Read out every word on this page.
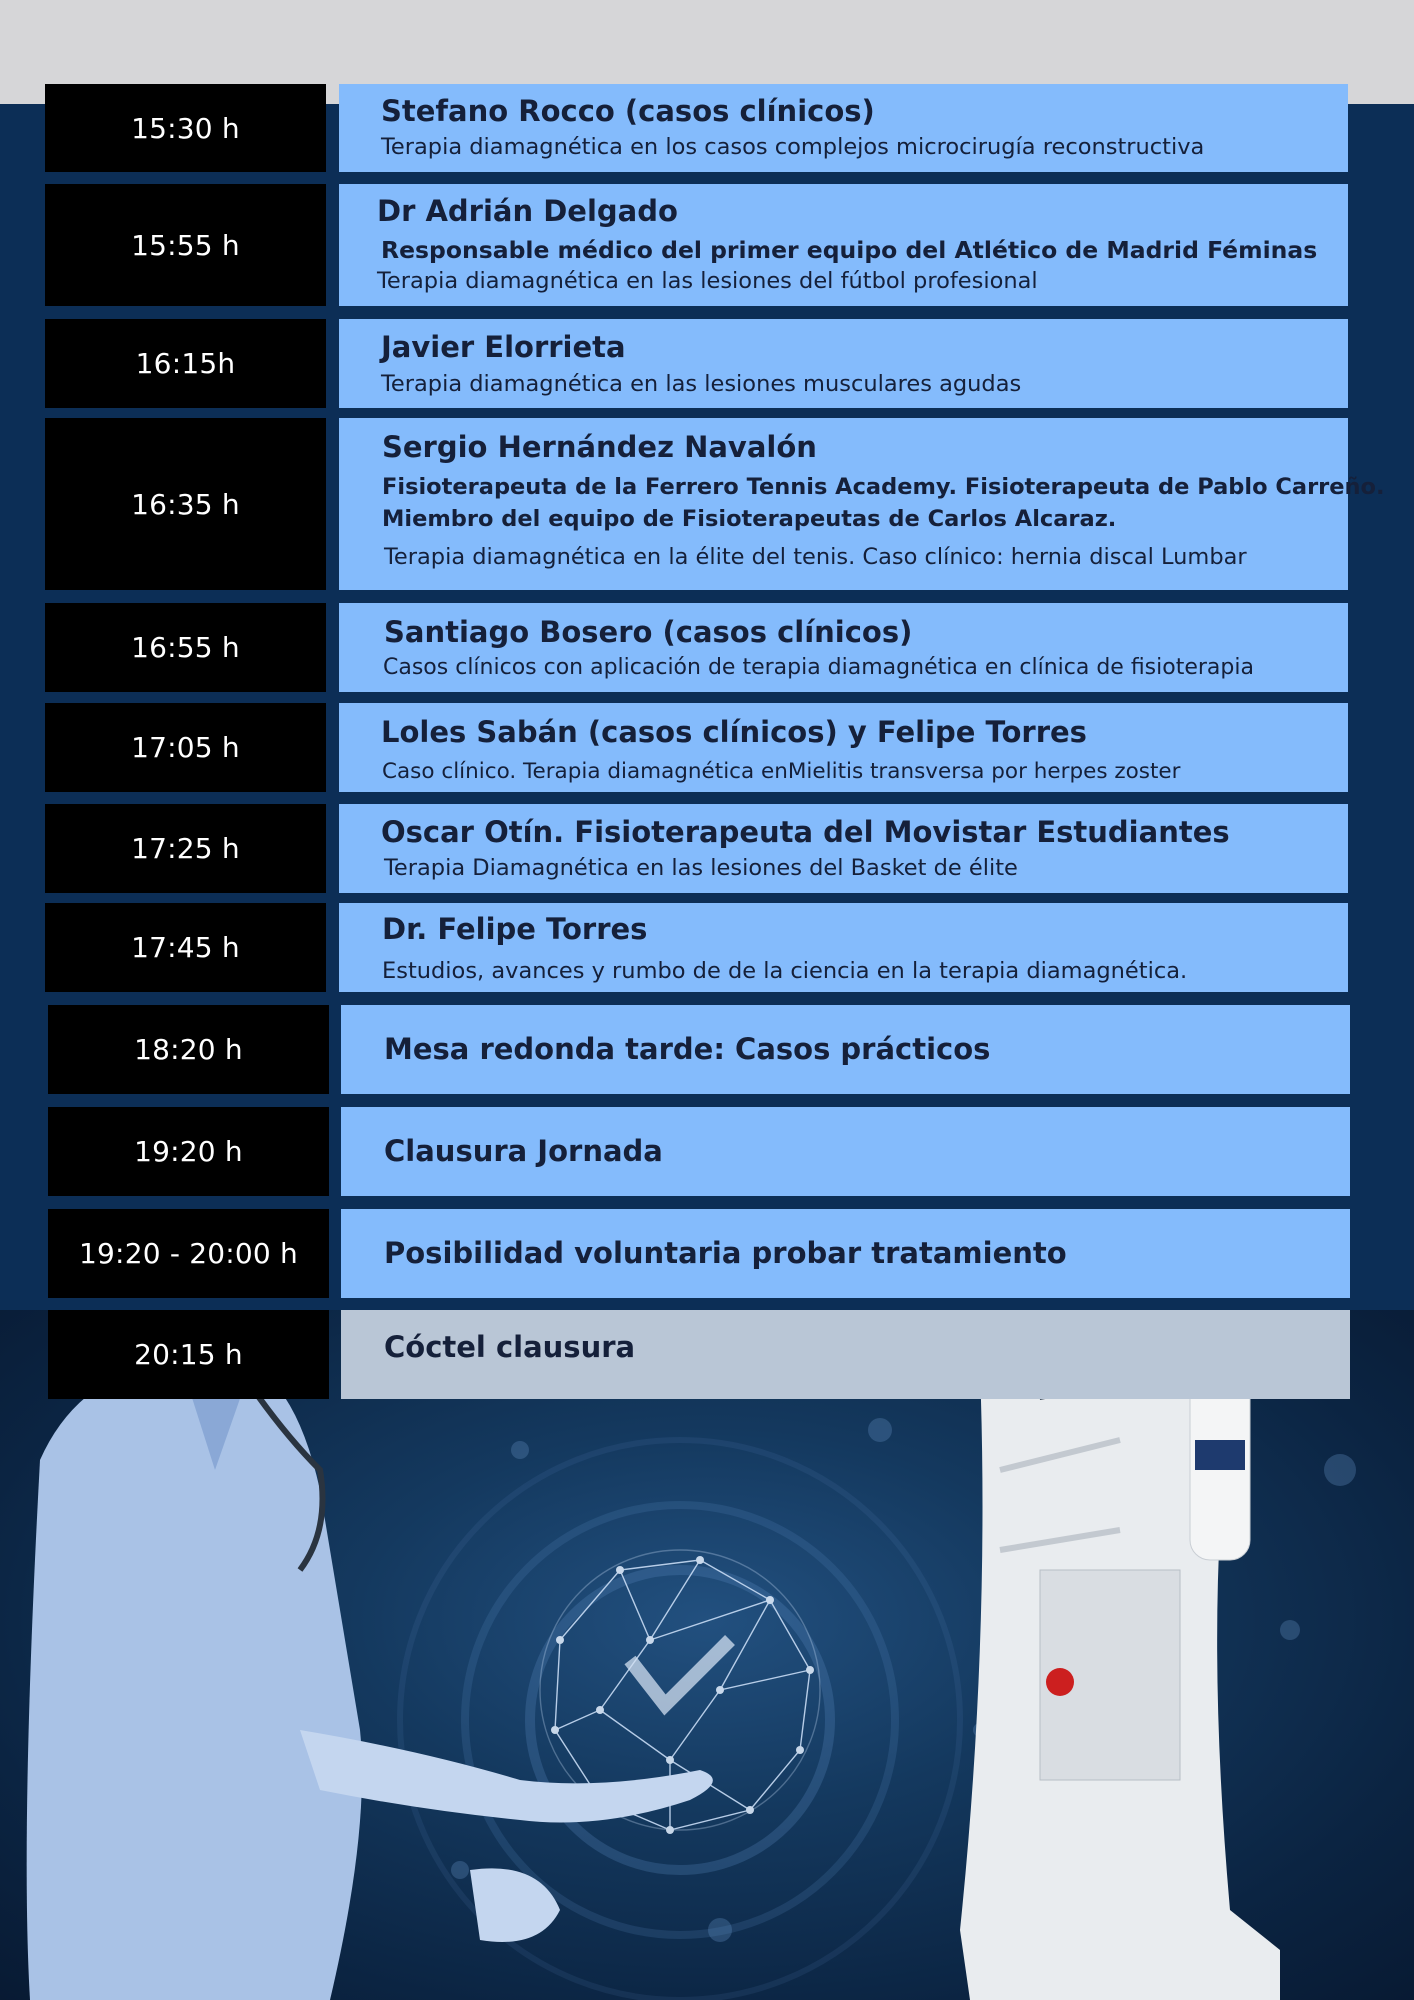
15:30 h	Stefano Rocco (casos clínicos)
Terapia diamagnética en los casos complejos microcirugía reconstructiva
15:55 h
Dr Adrián Delgado
Responsable médico del primer equipo del Atlético de Madrid Féminas
Terapia diamagnética en las lesiones del fútbol profesional
16:15h	Javier Elorrieta
Terapia diamagnética en las lesiones musculares agudas
16:35 h
Sergio Hernández Navalón
Fisioterapeuta de la Ferrero Tennis Academy. Fisioterapeuta de Pablo Carreño.
Miembro del equipo de Fisioterapeutas de Carlos Alcaraz.
Terapia diamagnética en la élite del tenis. Caso clínico: hernia discal Lumbar
16:55 h	Santiago Bosero (casos clínicos)
Casos clínicos con aplicación de terapia diamagnética en clínica de fisioterapia
17:05 h	Loles Sabán (casos clínicos) y Felipe Torres
Caso clínico. Terapia diamagnética enMielitis transversa por herpes zoster
17:25 h	Oscar Otín. Fisioterapeuta del Movistar Estudiantes
Terapia Diamagnética en las lesiones del Basket de élite
17:45 h
Dr. Felipe Torres
Estudios, avances y rumbo de de la ciencia en la terapia diamagnética.
18:20 h	Mesa redonda tarde: Casos prácticos
19:20 h	Clausura Jornada
19:20 - 20:00 h	Posibilidad voluntaria probar tratamiento
20:15 h	Cóctel clausura
